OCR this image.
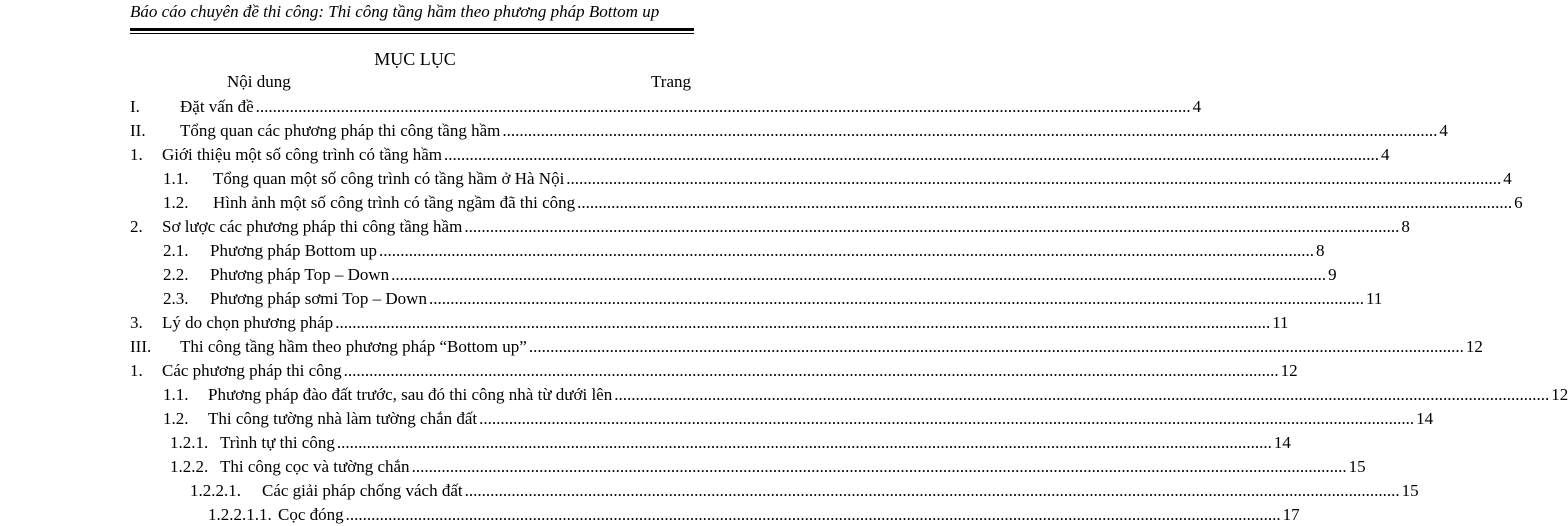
Báo cáo chuyên đề thi công: Thi công tầng hầm theo phương pháp Bottom up
MỤC LỤC
Nội dung	Trang
I. Đặt vấn đề ............................................................................................................................................................................................................................ 4
II. Tổng quan các phương pháp thi công tầng hầm ............................................................................................................................................................................................................................ 4
1. Giới thiệu một số công trình có tầng hầm ............................................................................................................................................................................................................................ 4
1.1. Tổng quan một số công trình có tầng hầm ở Hà Nội ............................................................................................................................................................................................................................ 4
1.2. Hình ảnh một số công trình có tầng ngầm đã thi công ............................................................................................................................................................................................................................ 6
2. Sơ lược các phương pháp thi công tầng hầm ............................................................................................................................................................................................................................ 8
2.1. Phương pháp Bottom up ............................................................................................................................................................................................................................ 8
2.2. Phương pháp Top – Down ............................................................................................................................................................................................................................ 9
2.3. Phương pháp sơmi Top – Down ............................................................................................................................................................................................................................ 11
3. Lý do chọn phương pháp ............................................................................................................................................................................................................................ 11
III. Thi công tầng hầm theo phương pháp “Bottom up” ............................................................................................................................................................................................................................ 12
1. Các phương pháp thi công ............................................................................................................................................................................................................................ 12
1.1. Phương pháp đào đất trước, sau đó thi công nhà từ dưới lên ............................................................................................................................................................................................................................ 12
1.2. Thi công tường nhà làm tường chắn đất ............................................................................................................................................................................................................................ 14
1.2.1. Trình tự thi công ............................................................................................................................................................................................................................ 14
1.2.2. Thi công cọc và tường chắn ............................................................................................................................................................................................................................ 15
1.2.2.1. Các giải pháp chống vách đất ............................................................................................................................................................................................................................ 15
1.2.2.1.1. Cọc đóng ............................................................................................................................................................................................................................ 17
